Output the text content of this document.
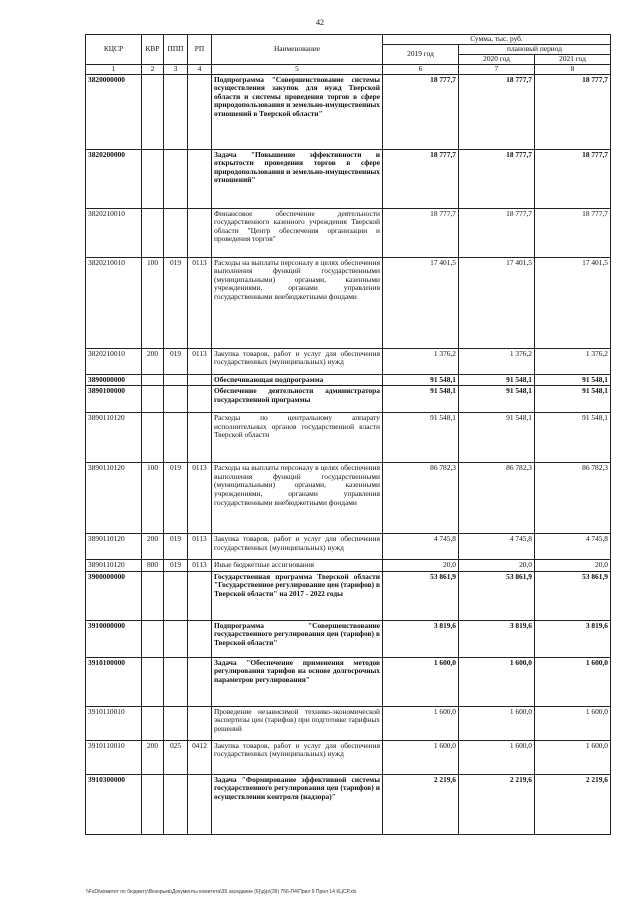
42
КЦСР	КВР	ППП	РП	Наименование	Сумма, тыс. руб.		
					2019 год	плановый период	
						2020 год	2021 год
1	2	3	4	5	6	7	8
3820000000				Подпрограмма "Совершенствование системы осуществления закупок для нужд Тверской области и системы проведения торгов в сфере природопользования и земельно-имущественных отношений в Тверской области"	18 777,7	18 777,7	18 777,7
3820200000				Задача "Повышение эффективности и открытости проведения торгов в сфере природопользования и земельно-имущественных отношений"	18 777,7	18 777,7	18 777,7
3820210010				Финансовое обеспечение деятельности государственного казенного учреждения Тверской области "Центр обеспечения организации и проведения торгов"	18 777,7	18 777,7	18 777,7
3820210010	100	019	0113	Расходы на выплаты персоналу в целях обеспечения выполнения функций государственными (муниципальными) органами, казенными учреждениями, органами управления государственными внебюджетными фондами	17 401,5	17 401,5	17 401,5
3820210010	200	019	0113	Закупка товаров, работ и услуг для обеспечения государственных (муниципальных) нужд	1 376,2	1 376,2	1 376,2
3890000000				Обеспечивающая подпрограмма	91 548,1	91 548,1	91 548,1
3890100000				Обеспечение деятельности администратора государственной программы	91 548,1	91 548,1	91 548,1
3890110120				Расходы по центральному аппарату исполнительных органов государственной власти Тверской области	91 548,1	91 548,1	91 548,1
3890110120	100	019	0113	Расходы на выплаты персоналу в целях обеспечения выполнения функций государственными (муниципальными) органами, казенными учреждениями, органами управления государственными внебюджетными фондами	86 782,3	86 782,3	86 782,3
3890110120	200	019	0113	Закупка товаров, работ и услуг для обеспечения государственных (муниципальных) нужд	4 745,8	4 745,8	4 745,8
3890110120	800	019	0113	Иные бюджетные ассигнования	20,0	20,0	20,0
3900000000				Государственная программа Тверской области "Государственное регулирование цен (тарифов) в Тверской области" на 2017 - 2022 годы	53 861,9	53 861,9	53 861,9
3910000000				Подпрограмма "Совершенствование государственного регулирования цен (тарифов) в Тверской области"	3 819,6	3 819,6	3 819,6
3910100000				Задача "Обеспечение применения методов регулирования тарифов на основе долгосрочных параметров регулирования"	1 600,0	1 600,0	1 600,0
3910110010				Проведение независимой технико-экономической экспертизы цен (тарифов) при подготовке тарифных решений	1 600,0	1 600,0	1 600,0
3910110010	200	025	0412	Закупка товаров, работ и услуг для обеспечения государственных (муниципальных) нужд	1 600,0	1 600,0	1 600,0
3910300000				Задача "Формирование эффективной системы государственного регулирования цен (тарифов) и осуществлении контроля (надзора)"	2 219,6	2 219,6	2 219,6
\\FsDi\комитет по бюджету\Везорьев\Документы комитета\39 заседание (6)\д\р\(39) 756-П4\Прил 9 Прил 14 КЦСР.xls
